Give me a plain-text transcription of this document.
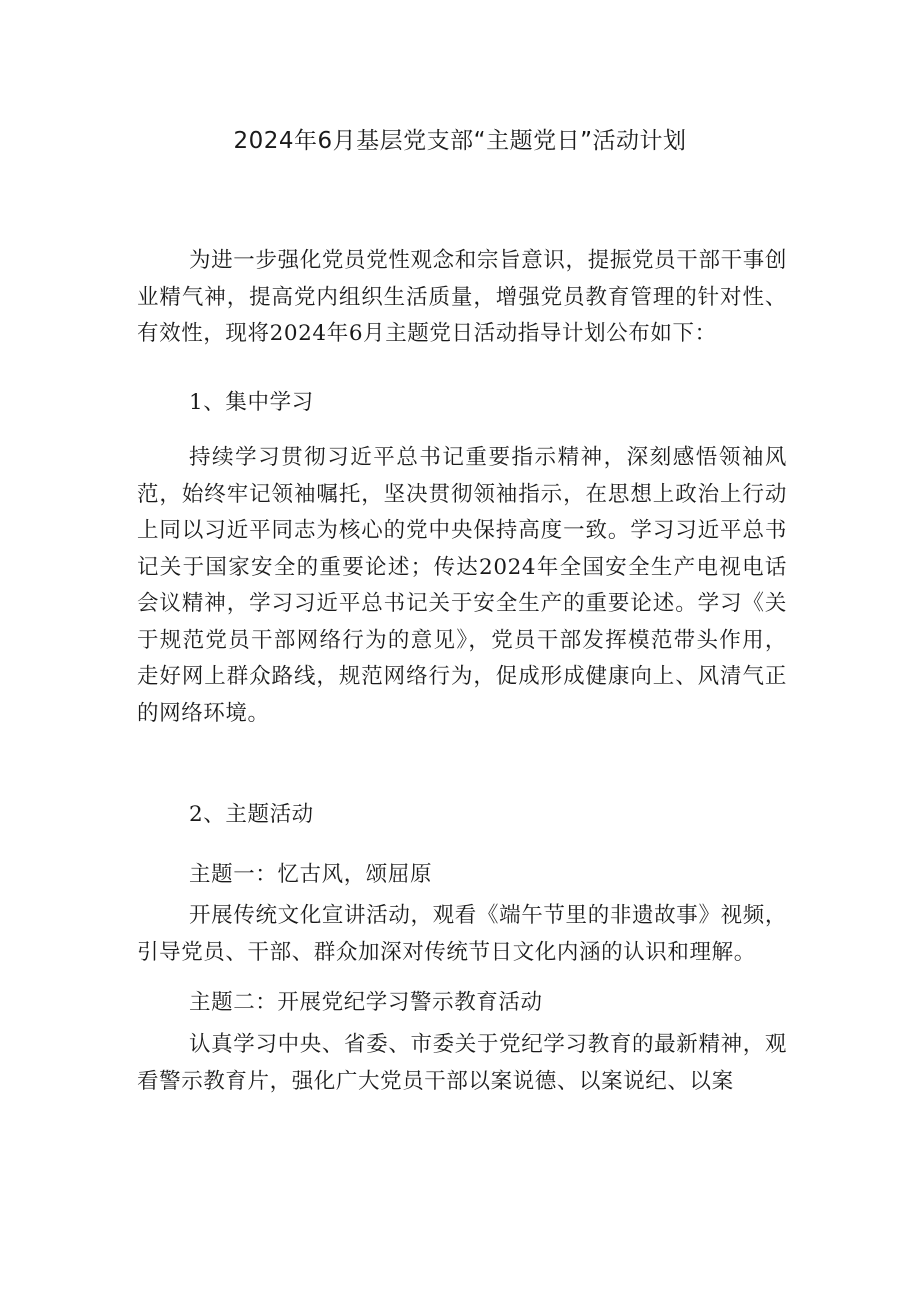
2024年6月基层党支部“主题党日”活动计划

为进一步强化党员党性观念和宗旨意识，提振党员干部干事创业精气神，提高党内组织生活质量，增强党员教育管理的针对性、有效性，现将2024年6月主题党日活动指导计划公布如下：

1、集中学习

持续学习贯彻习近平总书记重要指示精神，深刻感悟领袖风范，始终牢记领袖嘱托，坚决贯彻领袖指示，在思想上政治上行动上同以习近平同志为核心的党中央保持高度一致。学习习近平总书记关于国家安全的重要论述；传达2024年全国安全生产电视电话会议精神，学习习近平总书记关于安全生产的重要论述。学习《关于规范党员干部网络行为的意见》，党员干部发挥模范带头作用，走好网上群众路线，规范网络行为，促成形成健康向上、风清气正的网络环境。

2、主题活动

主题一：忆古风，颂屈原

开展传统文化宣讲活动，观看《端午节里的非遗故事》视频，引导党员、干部、群众加深对传统节日文化内涵的认识和理解。

主题二：开展党纪学习警示教育活动

认真学习中央、省委、市委关于党纪学习教育的最新精神，观看警示教育片，强化广大党员干部以案说德、以案说纪、以案
